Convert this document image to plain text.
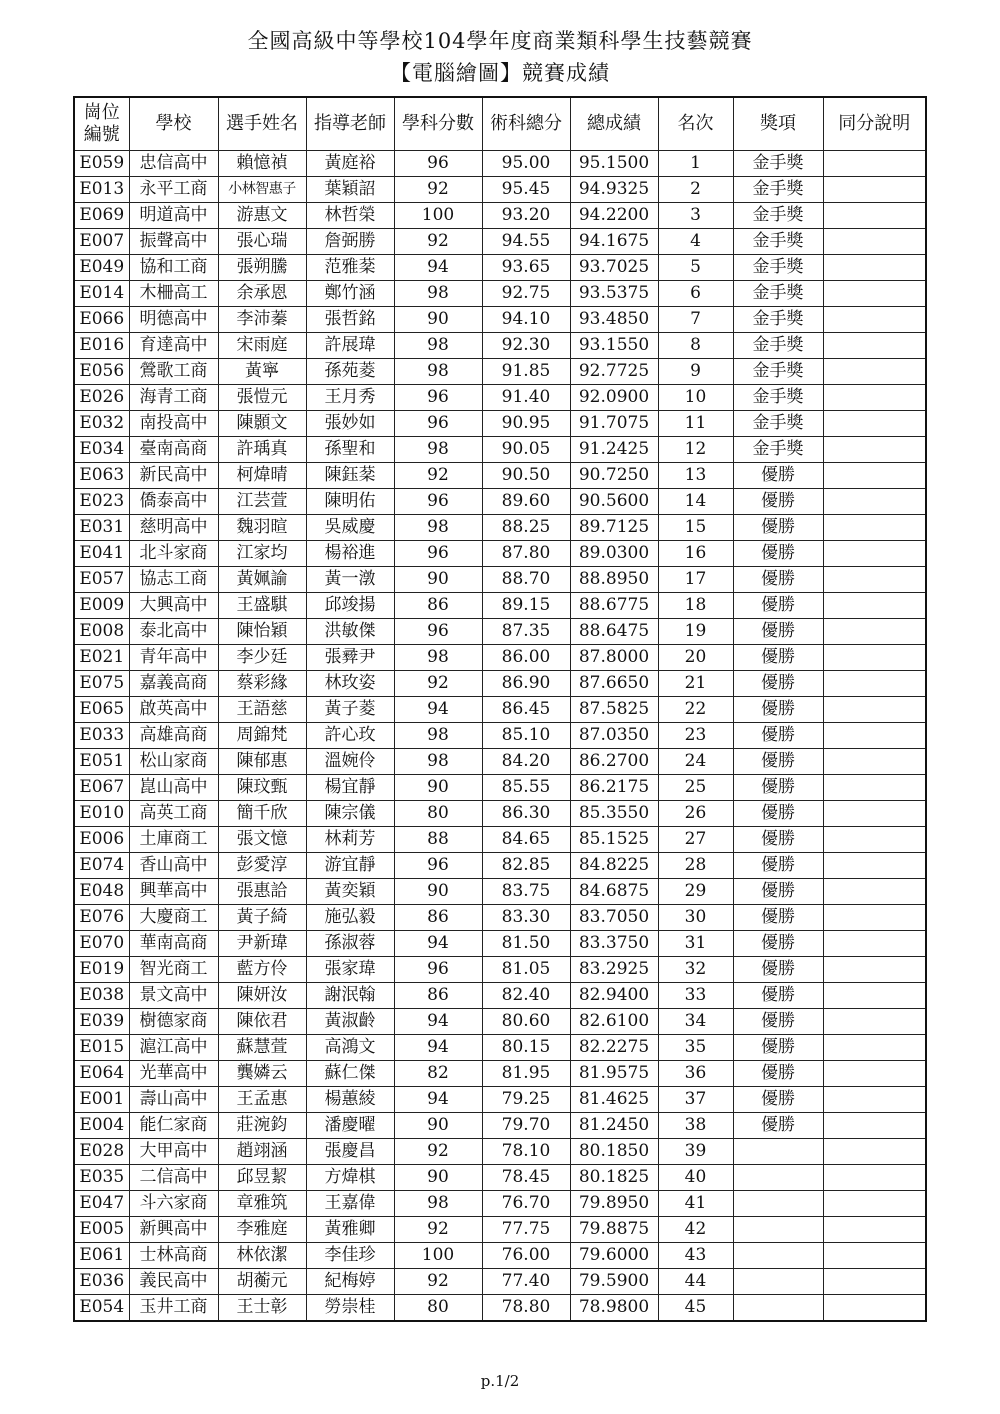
全國高級中等學校104學年度商業類科學生技藝競賽
【電腦繪圖】競賽成績
崗位編號	學校	選手姓名	指導老師	學科分數	術科總分	總成績	名次	獎項	同分說明
E059	忠信高中	賴憶禎	黃庭裕	96	95.00	95.1500	1	金手獎	
E013	永平工商	小林智惠子	葉穎詔	92	95.45	94.9325	2	金手獎	
E069	明道高中	游惠文	林哲榮	100	93.20	94.2200	3	金手獎	
E007	振聲高中	張心瑞	詹弼勝	92	94.55	94.1675	4	金手獎	
E049	協和工商	張朔騰	范雅棻	94	93.65	93.7025	5	金手獎	
E014	木柵高工	余承恩	鄭竹涵	98	92.75	93.5375	6	金手獎	
E066	明德高中	李沛蓁	張哲銘	90	94.10	93.4850	7	金手獎	
E016	育達高中	宋雨庭	許展瑋	98	92.30	93.1550	8	金手獎	
E056	鶯歌工商	黃寧	孫苑菱	98	91.85	92.7725	9	金手獎	
E026	海青工商	張愷元	王月秀	96	91.40	92.0900	10	金手獎	
E032	南投高中	陳顥文	張妙如	96	90.95	91.7075	11	金手獎	
E034	臺南高商	許瑀真	孫聖和	98	90.05	91.2425	12	金手獎	
E063	新民高中	柯煒晴	陳鈺棻	92	90.50	90.7250	13	優勝	
E023	僑泰高中	江芸萱	陳明佑	96	89.60	90.5600	14	優勝	
E031	慈明高中	魏羽暄	吳威慶	98	88.25	89.7125	15	優勝	
E041	北斗家商	江家均	楊裕進	96	87.80	89.0300	16	優勝	
E057	協志工商	黃姵諭	黃一潡	90	88.70	88.8950	17	優勝	
E009	大興高中	王盛騏	邱竣揚	86	89.15	88.6775	18	優勝	
E008	泰北高中	陳怡穎	洪敏傑	96	87.35	88.6475	19	優勝	
E021	青年高中	李少廷	張彛尹	98	86.00	87.8000	20	優勝	
E075	嘉義高商	蔡彩緣	林玫姿	92	86.90	87.6650	21	優勝	
E065	啟英高中	王語慈	黃子菱	94	86.45	87.5825	22	優勝	
E033	高雄高商	周錦梵	許心玫	98	85.10	87.0350	23	優勝	
E051	松山家商	陳郁惠	溫婉伶	98	84.20	86.2700	24	優勝	
E067	崑山高中	陳玟甄	楊宜靜	90	85.55	86.2175	25	優勝	
E010	高英工商	簡千欣	陳宗儀	80	86.30	85.3550	26	優勝	
E006	土庫商工	張文憶	林莉芳	88	84.65	85.1525	27	優勝	
E074	香山高中	彭愛淳	游宜靜	96	82.85	84.8225	28	優勝	
E048	興華高中	張惠詥	黃奕穎	90	83.75	84.6875	29	優勝	
E076	大慶商工	黃子綺	施弘毅	86	83.30	83.7050	30	優勝	
E070	華南高商	尹新瑋	孫淑蓉	94	81.50	83.3750	31	優勝	
E019	智光商工	藍方伶	張家瑋	96	81.05	83.2925	32	優勝	
E038	景文高中	陳妍汝	謝泯翰	86	82.40	82.9400	33	優勝	
E039	樹德家商	陳依君	黃淑齡	94	80.60	82.6100	34	優勝	
E015	滬江高中	蘇慧萱	高鴻文	94	80.15	82.2275	35	優勝	
E064	光華高中	龔嫾云	蘇仁傑	82	81.95	81.9575	36	優勝	
E001	壽山高中	王孟惠	楊蕙綾	94	79.25	81.4625	37	優勝	
E004	能仁家商	莊涴鈞	潘慶曜	90	79.70	81.2450	38	優勝	
E028	大甲高中	趙翊涵	張慶昌	92	78.10	80.1850	39		
E035	二信高中	邱昱絜	方煒棋	90	78.45	80.1825	40		
E047	斗六家商	章雅筑	王嘉偉	98	76.70	79.8950	41		
E005	新興高中	李雅庭	黃雅卿	92	77.75	79.8875	42		
E061	士林高商	林依潔	李佳珍	100	76.00	79.6000	43		
E036	義民高中	胡蘅元	紀梅婷	92	77.40	79.5900	44		
E054	玉井工商	王士彰	勞崇桂	80	78.80	78.9800	45		
p.1/2
